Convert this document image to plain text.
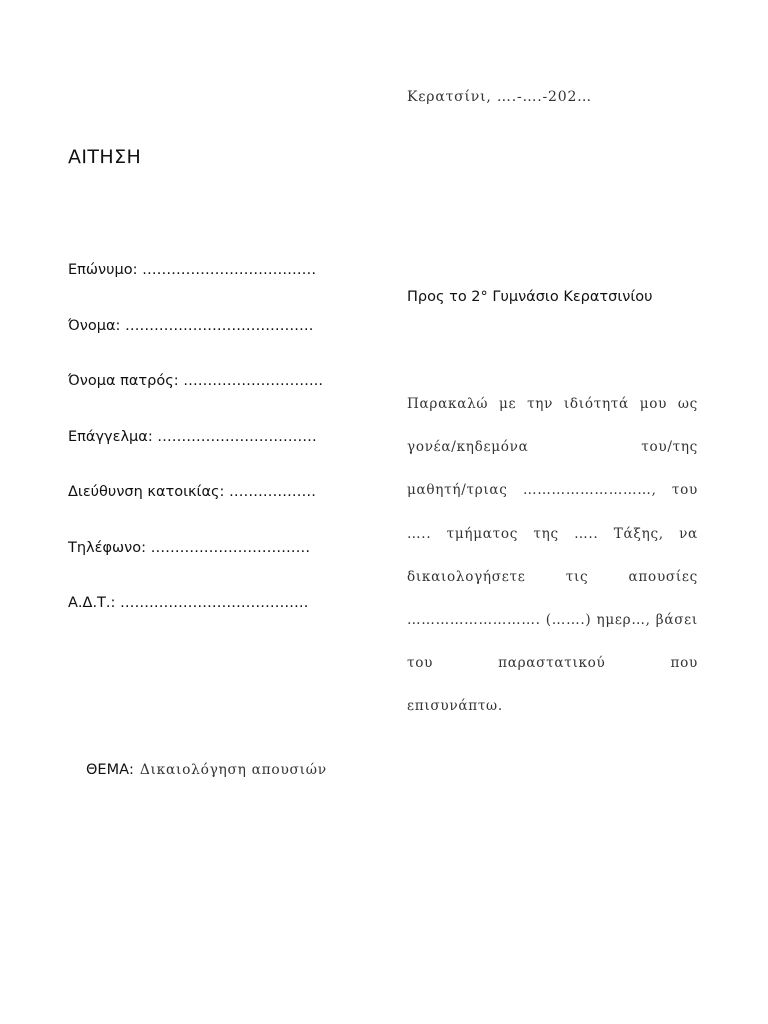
Κερατσίνι, ….-….-202…
ΑΙΤΗΣΗ
Επώνυμο: ………………………………
Όνομα: …………………………………
Όνομα πατρός: ………………………..
Επάγγελμα: ……………………………
Διεύθυνση κατοικίας: ………………
Τηλέφωνο: ……………………………
Α.Δ.Τ.: …………………………………
Προς το 2° Γυμνάσιο Κερατσινίου
Παρακαλώ με την ιδιότητά μου ως
γονέα/κηδεμόνα	του/της
μαθητή/τριας ………………………, του
….. τμήματος της ….. Τάξης, να
δικαιολογήσετε	τις	απουσίες
………………………. (…….) ημερ…, βάσει
του	παραστατικού	που
επισυνάπτω.
ΘΕΜΑ: Δικαιολόγηση απουσιών
